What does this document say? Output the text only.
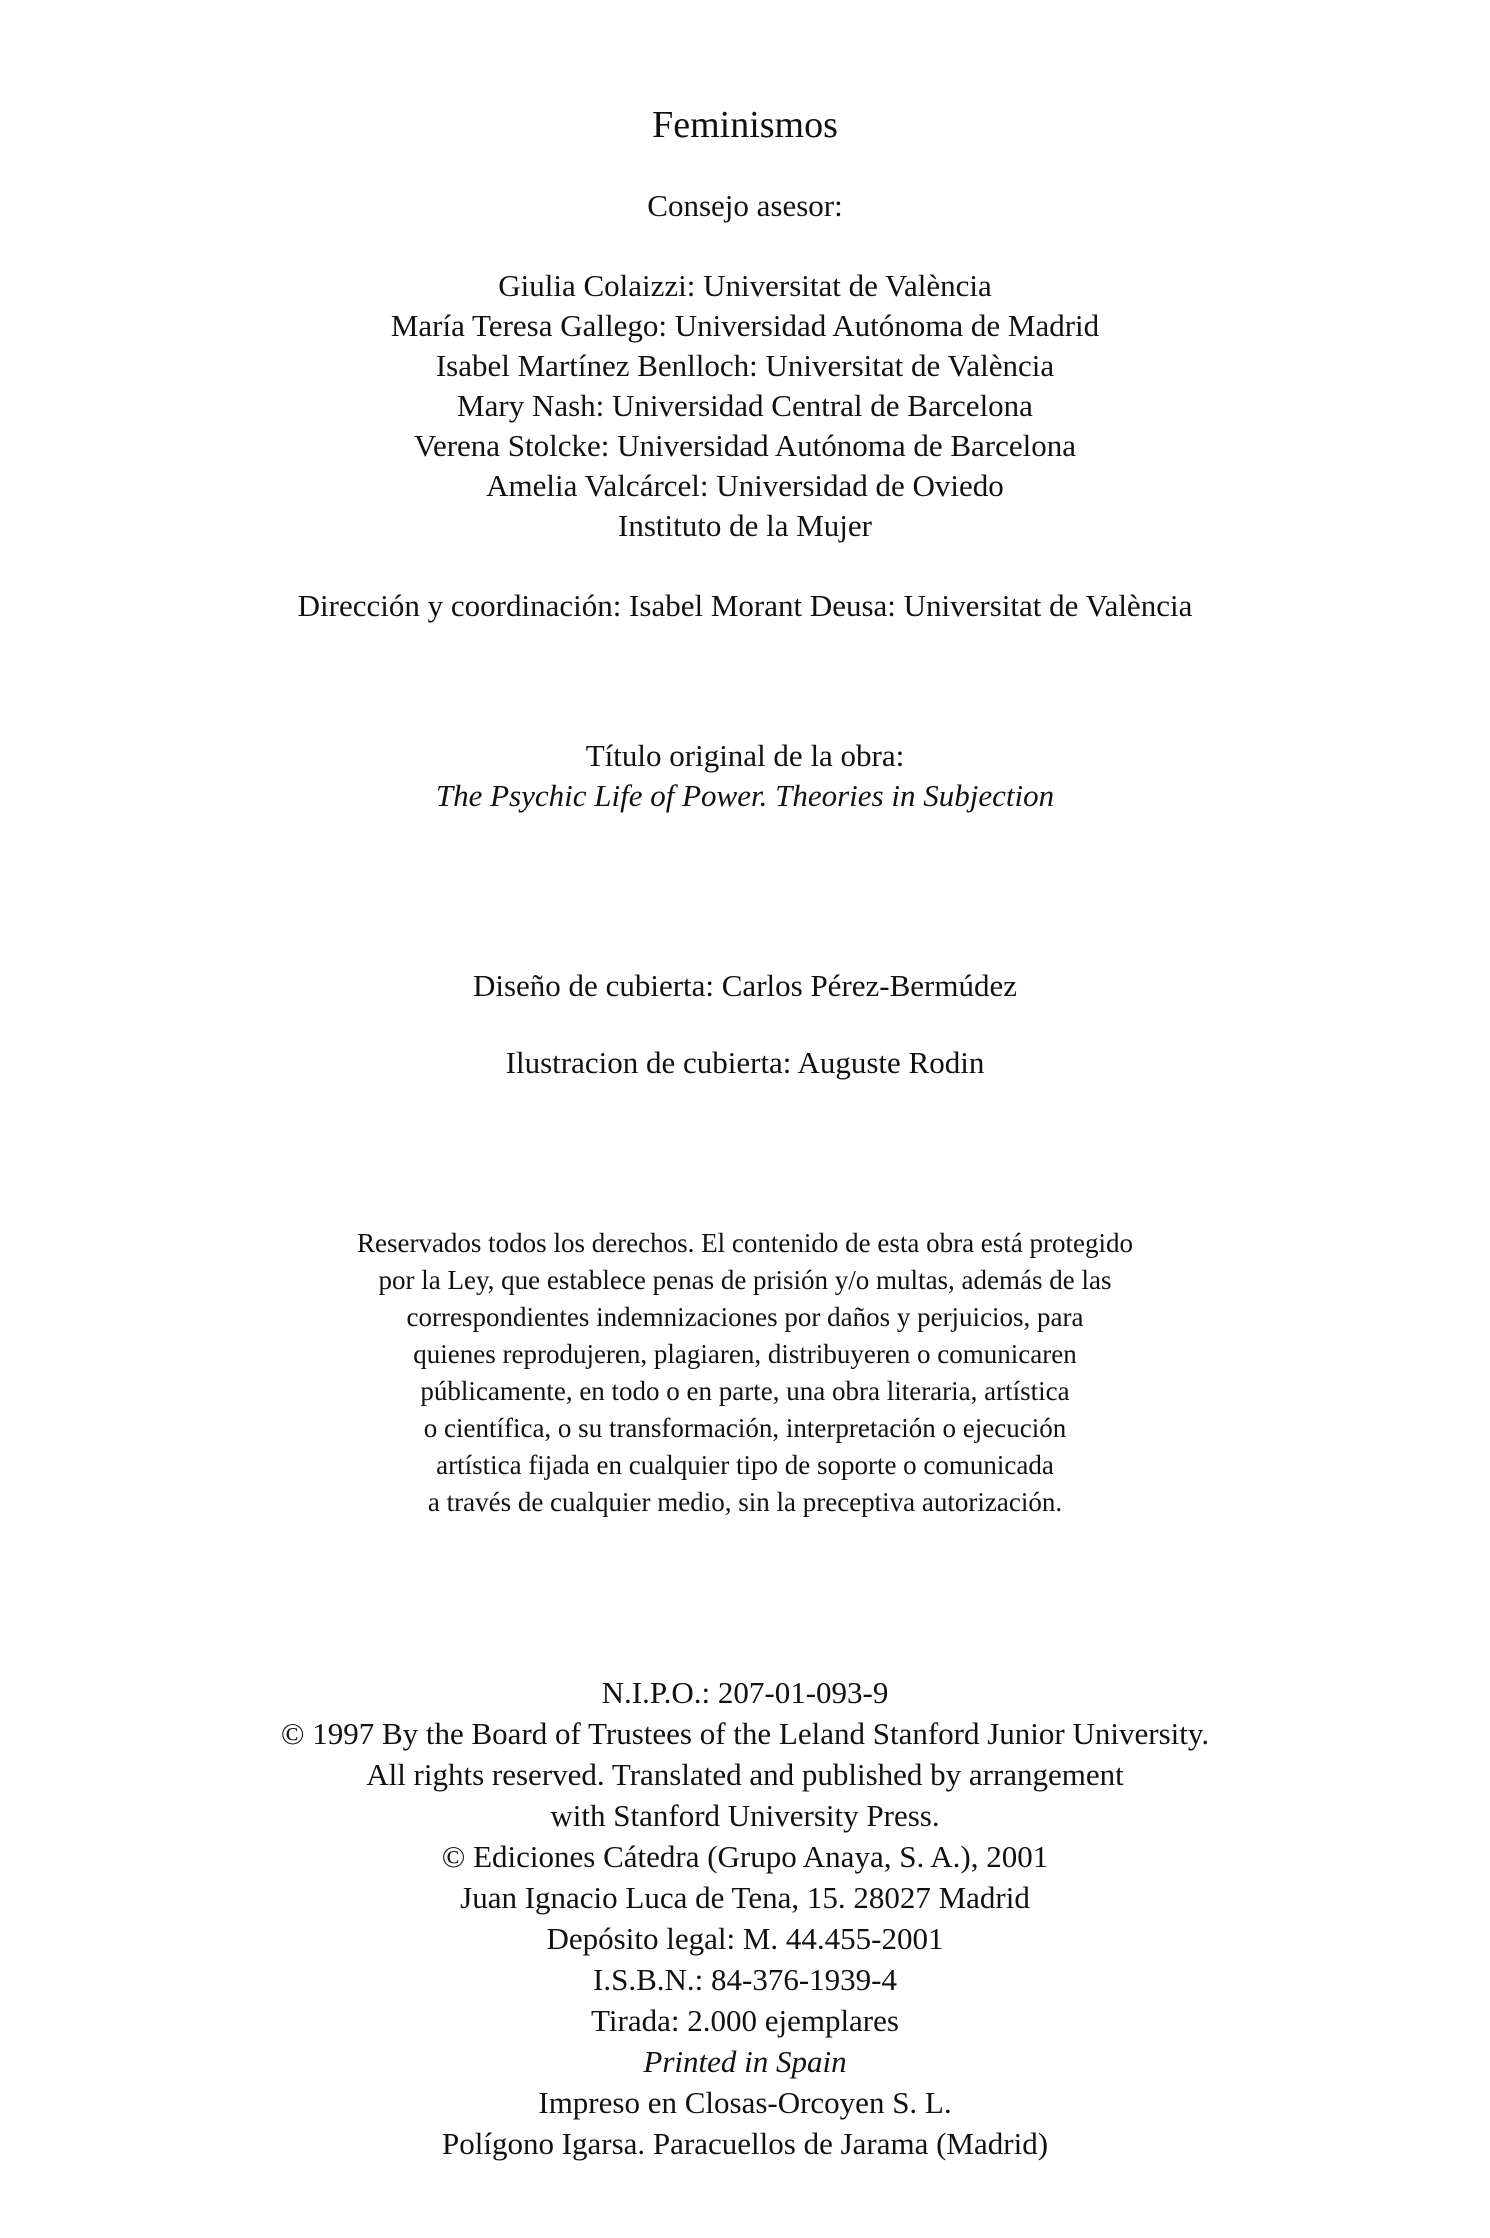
Feminismos
Consejo asesor:
Giulia Colaizzi: Universitat de València
María Teresa Gallego: Universidad Autónoma de Madrid
Isabel Martínez Benlloch: Universitat de València
Mary Nash: Universidad Central de Barcelona
Verena Stolcke: Universidad Autónoma de Barcelona
Amelia Valcárcel: Universidad de Oviedo
Instituto de la Mujer
Dirección y coordinación: Isabel Morant Deusa: Universitat de València
Título original de la obra:
The Psychic Life of Power. Theories in Subjection
Diseño de cubierta: Carlos Pérez-Bermúdez
Ilustracion de cubierta: Auguste Rodin
Reservados todos los derechos. El contenido de esta obra está protegido
por la Ley, que establece penas de prisión y/o multas, además de las
correspondientes indemnizaciones por daños y perjuicios, para
quienes reprodujeren, plagiaren, distribuyeren o comunicaren
públicamente, en todo o en parte, una obra literaria, artística
o científica, o su transformación, interpretación o ejecución
artística fijada en cualquier tipo de soporte o comunicada
a través de cualquier medio, sin la preceptiva autorización.
N.I.P.O.: 207-01-093-9
© 1997 By the Board of Trustees of the Leland Stanford Junior University.
All rights reserved. Translated and published by arrangement
with Stanford University Press.
© Ediciones Cátedra (Grupo Anaya, S. A.), 2001
Juan Ignacio Luca de Tena, 15. 28027 Madrid
Depósito legal: M. 44.455-2001
I.S.B.N.: 84-376-1939-4
Tirada: 2.000 ejemplares
Printed in Spain
Impreso en Closas-Orcoyen S. L.
Polígono Igarsa. Paracuellos de Jarama (Madrid)
